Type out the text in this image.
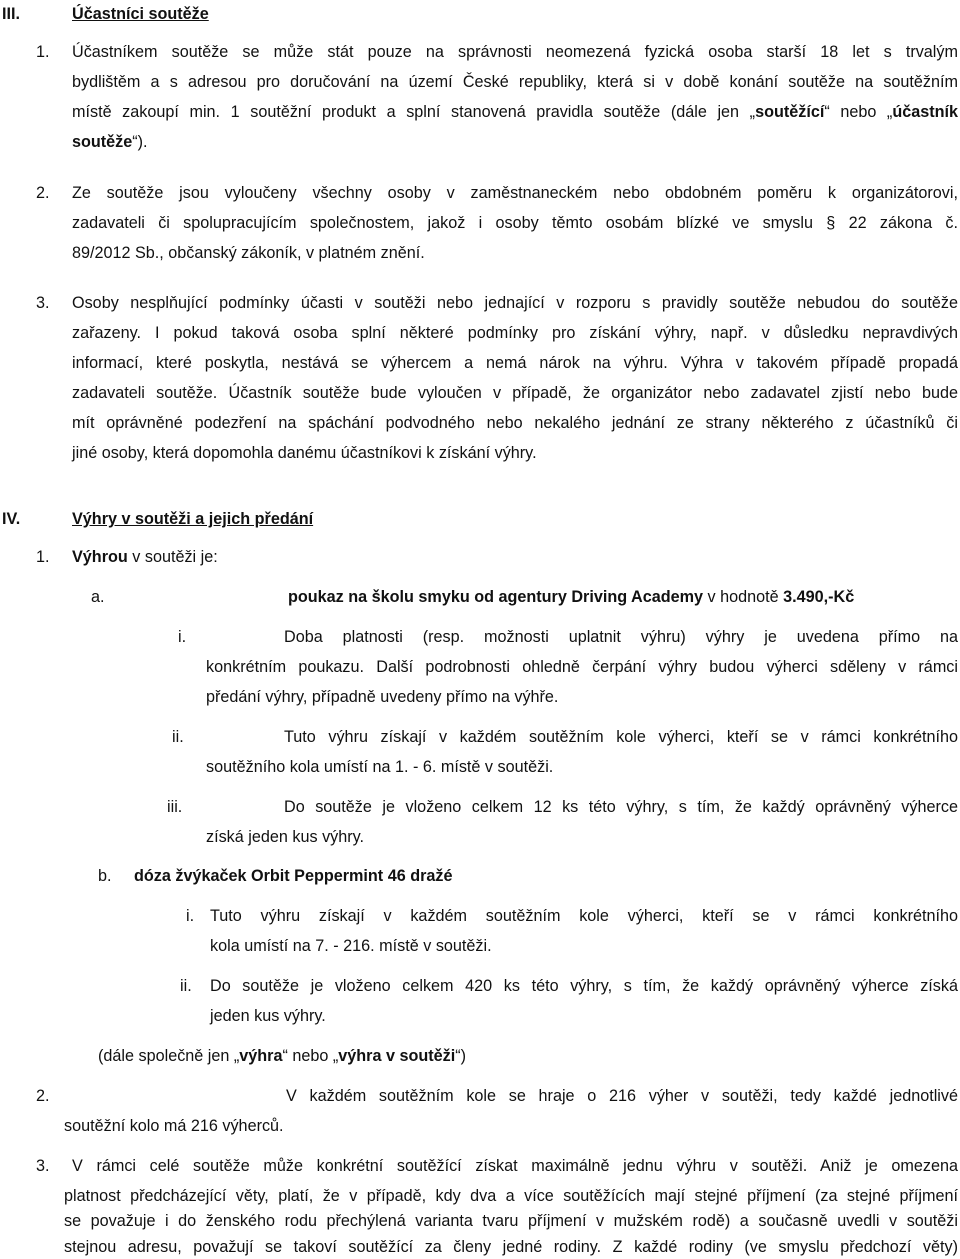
III.	Účastníci soutěže
1. Účastníkem soutěže se může stát pouze na správnosti neomezená fyzická osoba starší 18 let s trvalým
bydlištěm a s adresou pro doručování na území České republiky, která si v době konání soutěže na soutěžním
místě zakoupí min. 1 soutěžní produkt a splní stanovená pravidla soutěže (dále jen „soutěžící“ nebo „účastník
soutěže“).
2. Ze soutěže jsou vyloučeny všechny osoby v zaměstnaneckém nebo obdobném poměru k organizátorovi,
zadavateli či spolupracujícím společnostem, jakož i osoby těmto osobám blízké ve smyslu § 22 zákona č.
89/2012 Sb., občanský zákoník, v platném znění.
3. Osoby nesplňující podmínky účasti v soutěži nebo jednající v rozporu s pravidly soutěže nebudou do soutěže
zařazeny. I pokud taková osoba splní některé podmínky pro získání výhry, např. v důsledku nepravdivých
informací, které poskytla, nestává se výhercem a nemá nárok na výhru. Výhra v takovém případě propadá
zadavateli soutěže. Účastník soutěže bude vyloučen v případě, že organizátor nebo zadavatel zjistí nebo bude
mít oprávněné podezření na spáchání podvodného nebo nekalého jednání ze strany některého z účastníků či
jiné osoby, která dopomohla danému účastníkovi k získání výhry.
IV.	Výhry v soutěži a jejich předání
1. Výhrou v soutěži je:
a.	poukaz na školu smyku od agentury Driving Academy v hodnotě 3.490,-Kč
i.	Doba platnosti (resp. možnosti uplatnit výhru) výhry je uvedena přímo na
konkrétním poukazu. Další podrobnosti ohledně čerpání výhry budou výherci sděleny v rámci
předání výhry, případně uvedeny přímo na výhře.
ii.	Tuto výhru získají v každém soutěžním kole výherci, kteří se v rámci konkrétního
soutěžního kola umístí na 1. - 6. místě v soutěži.
iii.	Do soutěže je vloženo celkem 12 ks této výhry, s tím, že každý oprávněný výherce
získá jeden kus výhry.
b. dóza žvýkaček Orbit Peppermint 46 dražé
i. Tuto výhru získají v každém soutěžním kole výherci, kteří se v rámci konkrétního
kola umístí na 7. - 216. místě v soutěži.
ii. Do soutěže je vloženo celkem 420 ks této výhry, s tím, že každý oprávněný výherce získá
jeden kus výhry.
(dále společně jen „výhra“ nebo „výhra v soutěži“)
2.	V každém soutěžním kole se hraje o 216 výher v soutěži, tedy každé jednotlivé
soutěžní kolo má 216 výherců.
3. V rámci celé soutěže může konkrétní soutěžící získat maximálně jednu výhru v soutěži. Aniž je omezena
platnost předcházející věty, platí, že v případě, kdy dva a více soutěžících mají stejné příjmení (za stejné příjmení
se považuje i do ženského rodu přechýlená varianta tvaru příjmení v mužském rodě) a současně uvedli v soutěži
stejnou adresu, považují se takoví soutěžící za členy jedné rodiny. Z každé rodiny (ve smyslu předchozí věty)
